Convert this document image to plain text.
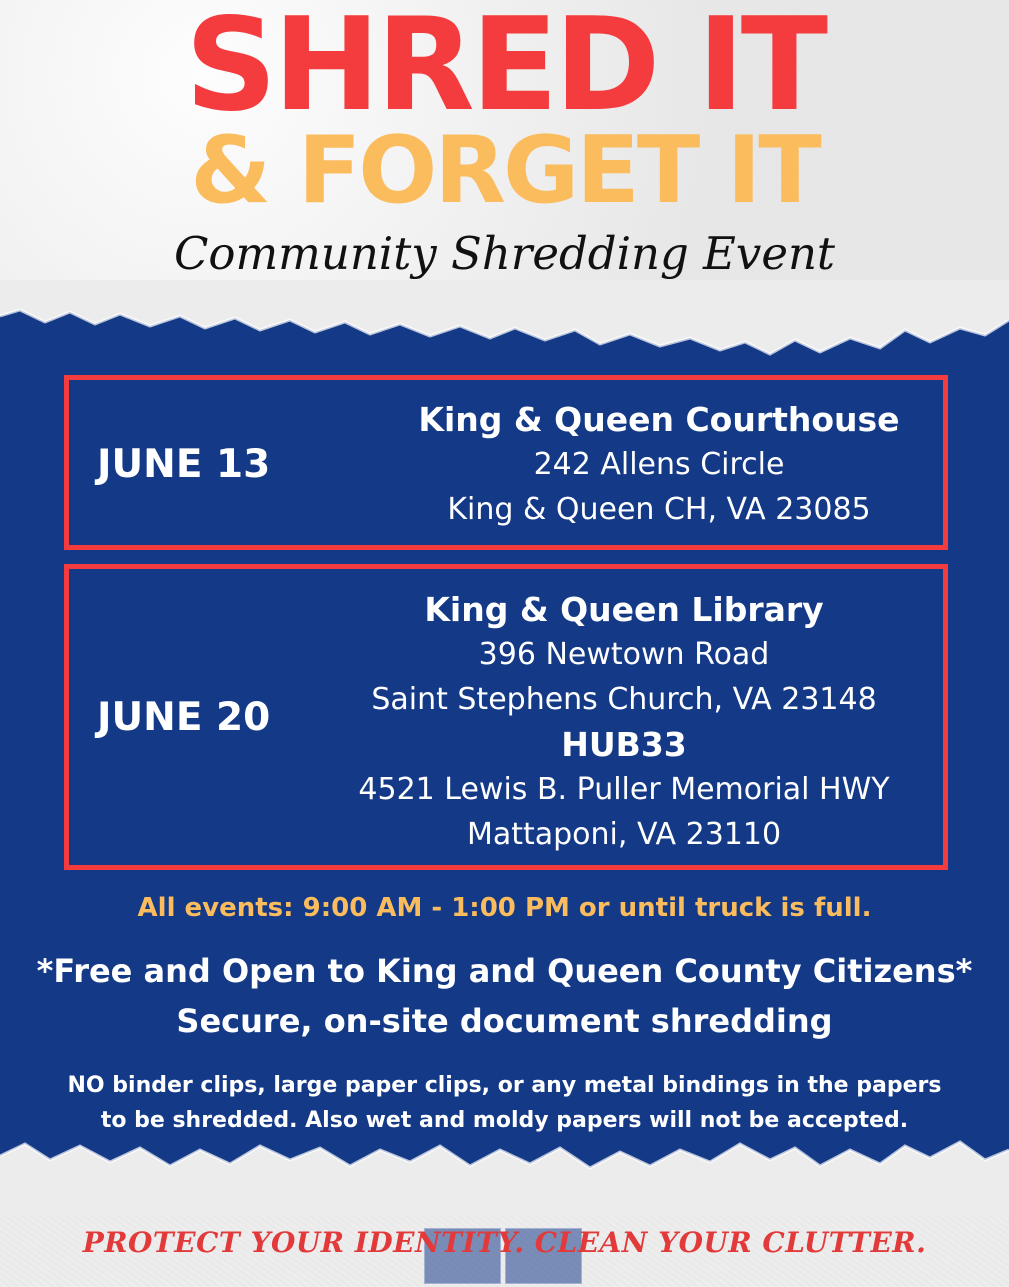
SHRED IT
& FORGET IT

Community Shredding Event

JUNE 13

King & Queen Courthouse

242 Allens Circle

King & Queen CH, VA 23085

JUNE 20

King & Queen Library

396 Newtown Road

Saint Stephens Church, VA 23148

HUB33

4521 Lewis B. Puller Memorial HWY

Mattaponi, VA 23110

All events: 9:00 AM - 1:00 PM or until truck is full.

*Free and Open to King and Queen County Citizens*

Secure, on-site document shredding

NO binder clips, large paper clips, or any metal bindings in the papers
to be shredded. Also wet and moldy papers will not be accepted.

PROTECT YOUR IDENTITY. CLEAN YOUR CLUTTER.
